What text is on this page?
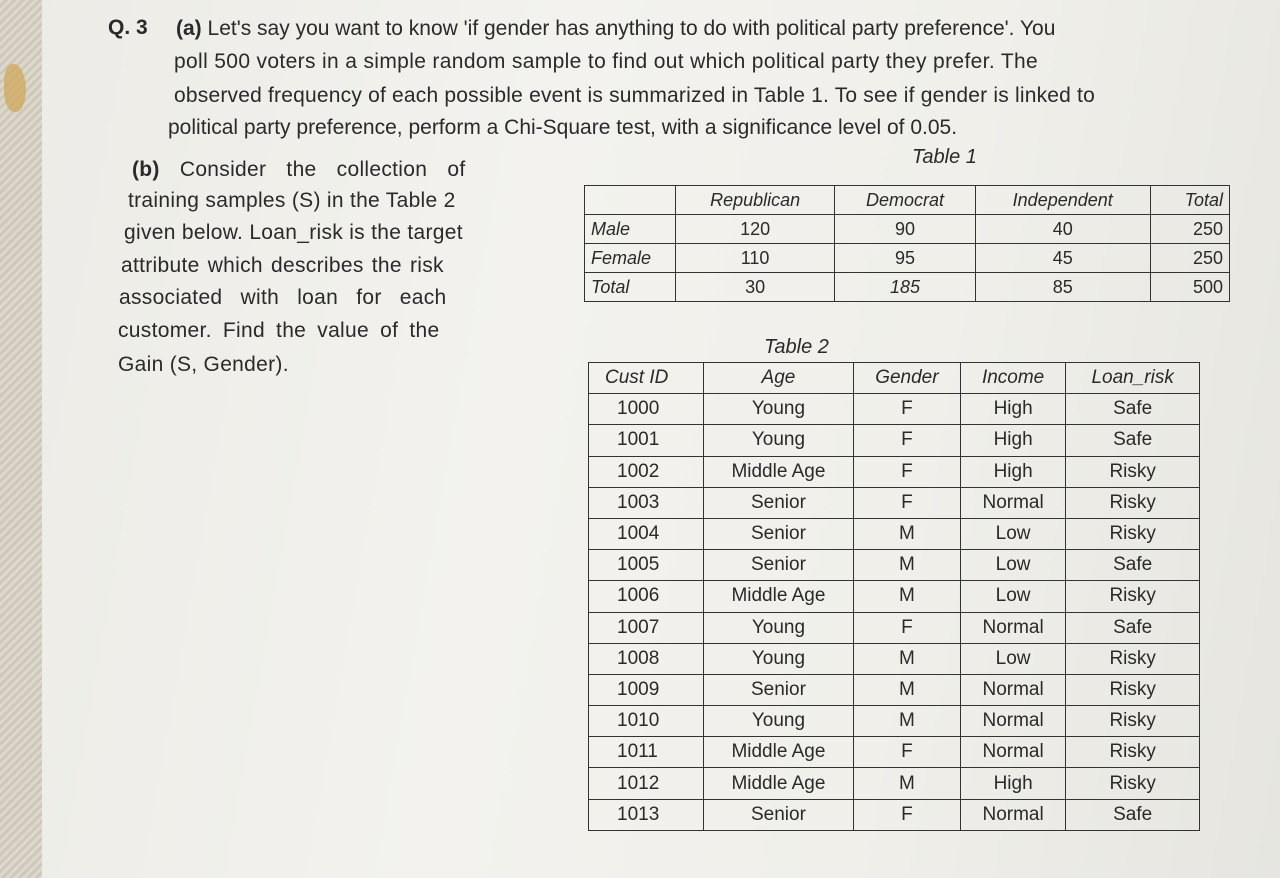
Q. 3 (a) Let's say you want to know 'if gender has anything to do with political party preference'. You
poll 500 voters in a simple random sample to find out which political party they prefer. The
observed frequency of each possible event is summarized in Table 1. To see if gender is linked to
political party preference, perform a Chi-Square test, with a significance level of 0.05.
(b) Consider the collection of
training samples (S) in the Table 2
given below. Loan_risk is the target
attribute which describes the risk
associated with loan for each
customer. Find the value of the
Gain (S, Gender).
Table 1
	Republican	Democrat	Independent	Total
Male	120	90	40	250
Female	110	95	45	250
Total	30	185	85	500
Table 2
Cust ID	Age	Gender	Income	Loan_risk
1000	Young	F	High	Safe
1001	Young	F	High	Safe
1002	Middle Age	F	High	Risky
1003	Senior	F	Normal	Risky
1004	Senior	M	Low	Risky
1005	Senior	M	Low	Safe
1006	Middle Age	M	Low	Risky
1007	Young	F	Normal	Safe
1008	Young	M	Low	Risky
1009	Senior	M	Normal	Risky
1010	Young	M	Normal	Risky
1011	Middle Age	F	Normal	Risky
1012	Middle Age	M	High	Risky
1013	Senior	F	Normal	Safe
